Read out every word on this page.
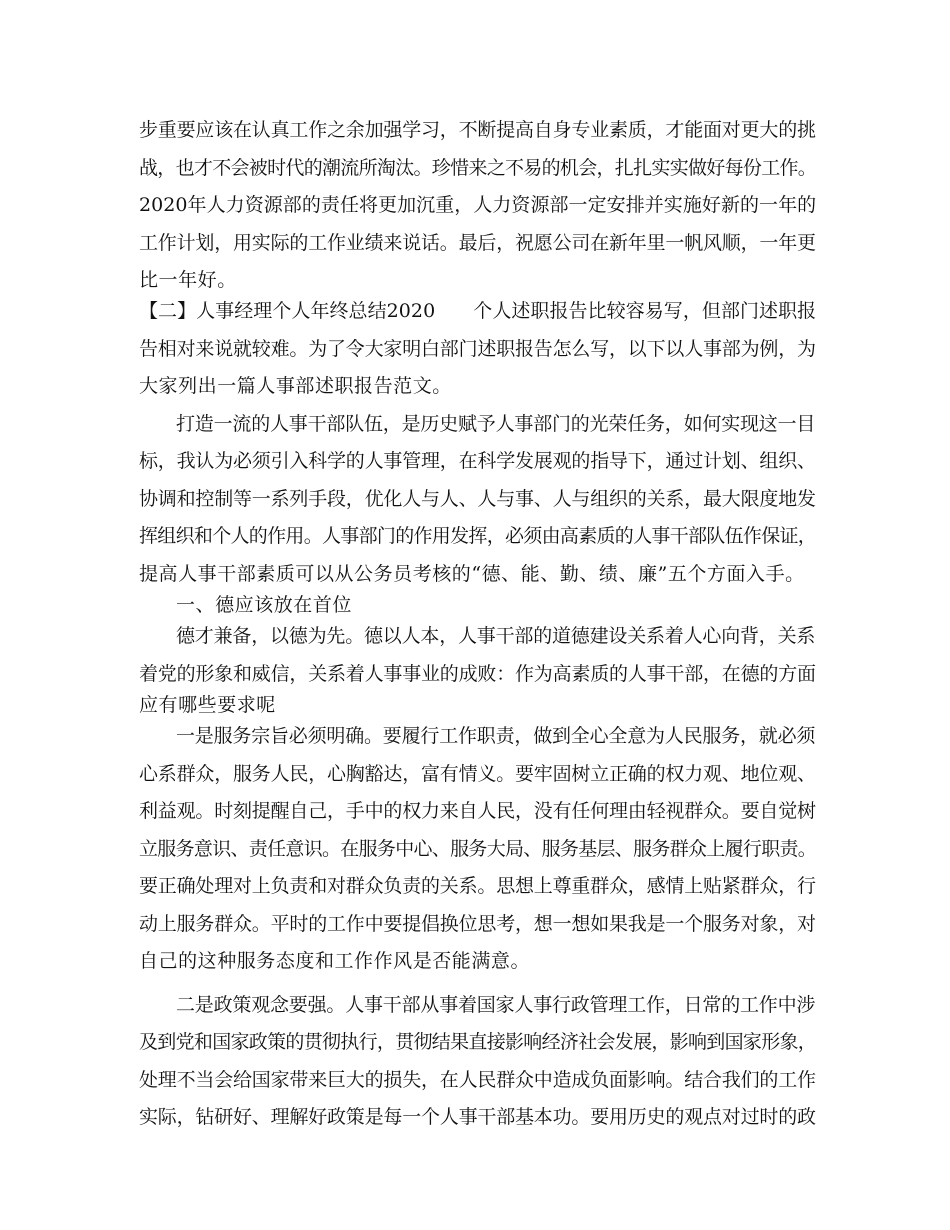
步重要应该在认真工作之余加强学习，不断提高自身专业素质，才能面对更大的挑
战，也才不会被时代的潮流所淘汰。珍惜来之不易的机会，扎扎实实做好每份工作。
2020年人力资源部的责任将更加沉重，人力资源部一定安排并实施好新的一年的
工作计划，用实际的工作业绩来说话。最后，祝愿公司在新年里一帆风顺，一年更
比一年好。
【二】人事经理个人年终总结2020　　个人述职报告比较容易写，但部门述职报
告相对来说就较难。为了令大家明白部门述职报告怎么写，以下以人事部为例，为
大家列出一篇人事部述职报告范文。
打造一流的人事干部队伍，是历史赋予人事部门的光荣任务，如何实现这一目
标，我认为必须引入科学的人事管理，在科学发展观的指导下，通过计划、组织、
协调和控制等一系列手段，优化人与人、人与事、人与组织的关系，最大限度地发
挥组织和个人的作用。人事部门的作用发挥，必须由高素质的人事干部队伍作保证，
提高人事干部素质可以从公务员考核的“德、能、勤、绩、廉”五个方面入手。
一、德应该放在首位
德才兼备，以德为先。德以人本，人事干部的道德建设关系着人心向背，关系
着党的形象和威信，关系着人事事业的成败：作为高素质的人事干部，在德的方面
应有哪些要求呢
一是服务宗旨必须明确。要履行工作职责，做到全心全意为人民服务，就必须
心系群众，服务人民，心胸豁达，富有情义。要牢固树立正确的权力观、地位观、
利益观。时刻提醒自己，手中的权力来自人民，没有任何理由轻视群众。要自觉树
立服务意识、责任意识。在服务中心、服务大局、服务基层、服务群众上履行职责。
要正确处理对上负责和对群众负责的关系。思想上尊重群众，感情上贴紧群众，行
动上服务群众。平时的工作中要提倡换位思考，想一想如果我是一个服务对象，对
自己的这种服务态度和工作作风是否能满意。
二是政策观念要强。人事干部从事着国家人事行政管理工作，日常的工作中涉
及到党和国家政策的贯彻执行，贯彻结果直接影响经济社会发展，影响到国家形象，
处理不当会给国家带来巨大的损失，在人民群众中造成负面影响。结合我们的工作
实际，钻研好、理解好政策是每一个人事干部基本功。要用历史的观点对过时的政
